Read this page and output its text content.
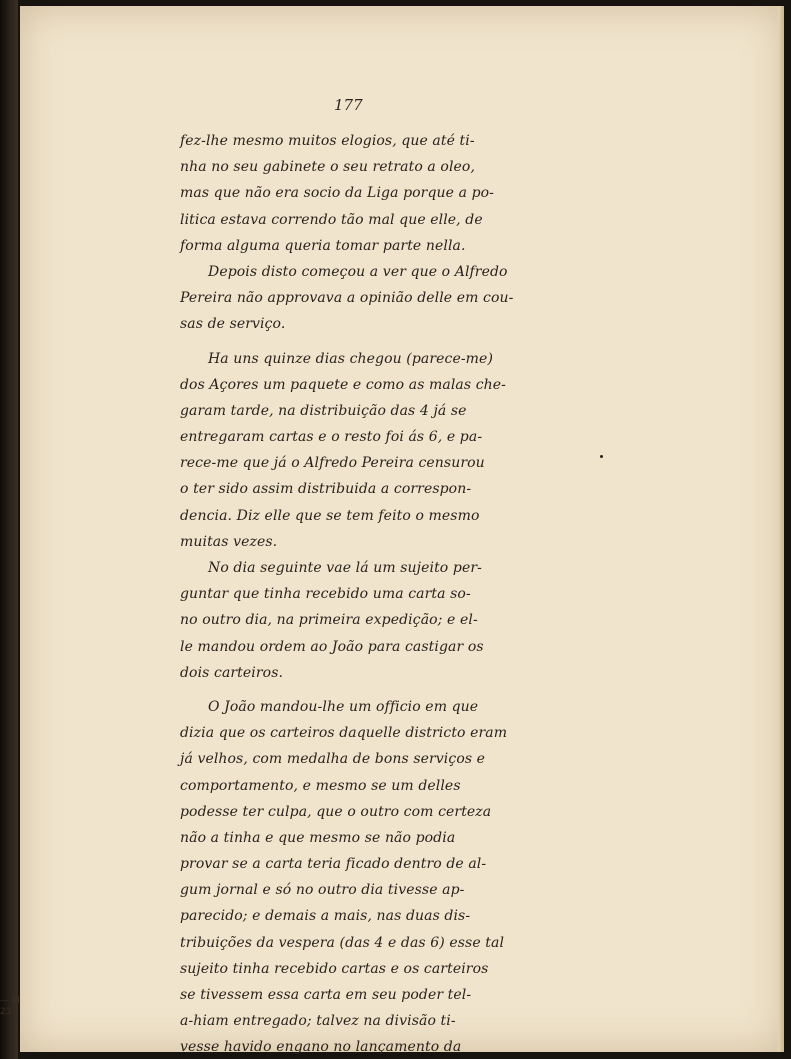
177
fez-lhe mesmo muitos elogios, que até ti-
nha no seu gabinete o seu retrato a oleo,
mas que não era socio da Liga porque a po-
litica estava correndo tão mal que elle, de
forma alguma queria tomar parte nella.
Depois disto começou a ver que o Alfredo
Pereira não approvava a opinião delle em cou-
sas de serviço.
Ha uns quinze dias chegou (parece-me)
dos Açores um paquete e como as malas che-
garam tarde, na distribuição das 4 já se
entregaram cartas e o resto foi ás 6, e pa-
rece-me que já o Alfredo Pereira censurou
o ter sido assim distribuida a correspon-
dencia. Diz elle que se tem feito o mesmo
muitas vezes.
No dia seguinte vae lá um sujeito per-
guntar que tinha recebido uma carta so-
no outro dia, na primeira expedição; e el-
le mandou ordem ao João para castigar os
dois carteiros.
O João mandou-lhe um officio em que
dizia que os carteiros daquelle districto eram
já velhos, com medalha de bons serviços e
comportamento, e mesmo se um delles
podesse ter culpa, que o outro com certeza
não a tinha e que mesmo se não podia
provar se a carta teria ficado dentro de al-
gum jornal e só no outro dia tivesse ap-
parecido; e demais a mais, nas duas dis-
tribuições da vespera (das 4 e das 6) esse tal
sujeito tinha recebido cartas e os carteiros
se tivessem essa carta em seu poder tel-
a-hiam entregado; talvez na divisão ti-
vesse havido engano no lançamento da
— III
23
